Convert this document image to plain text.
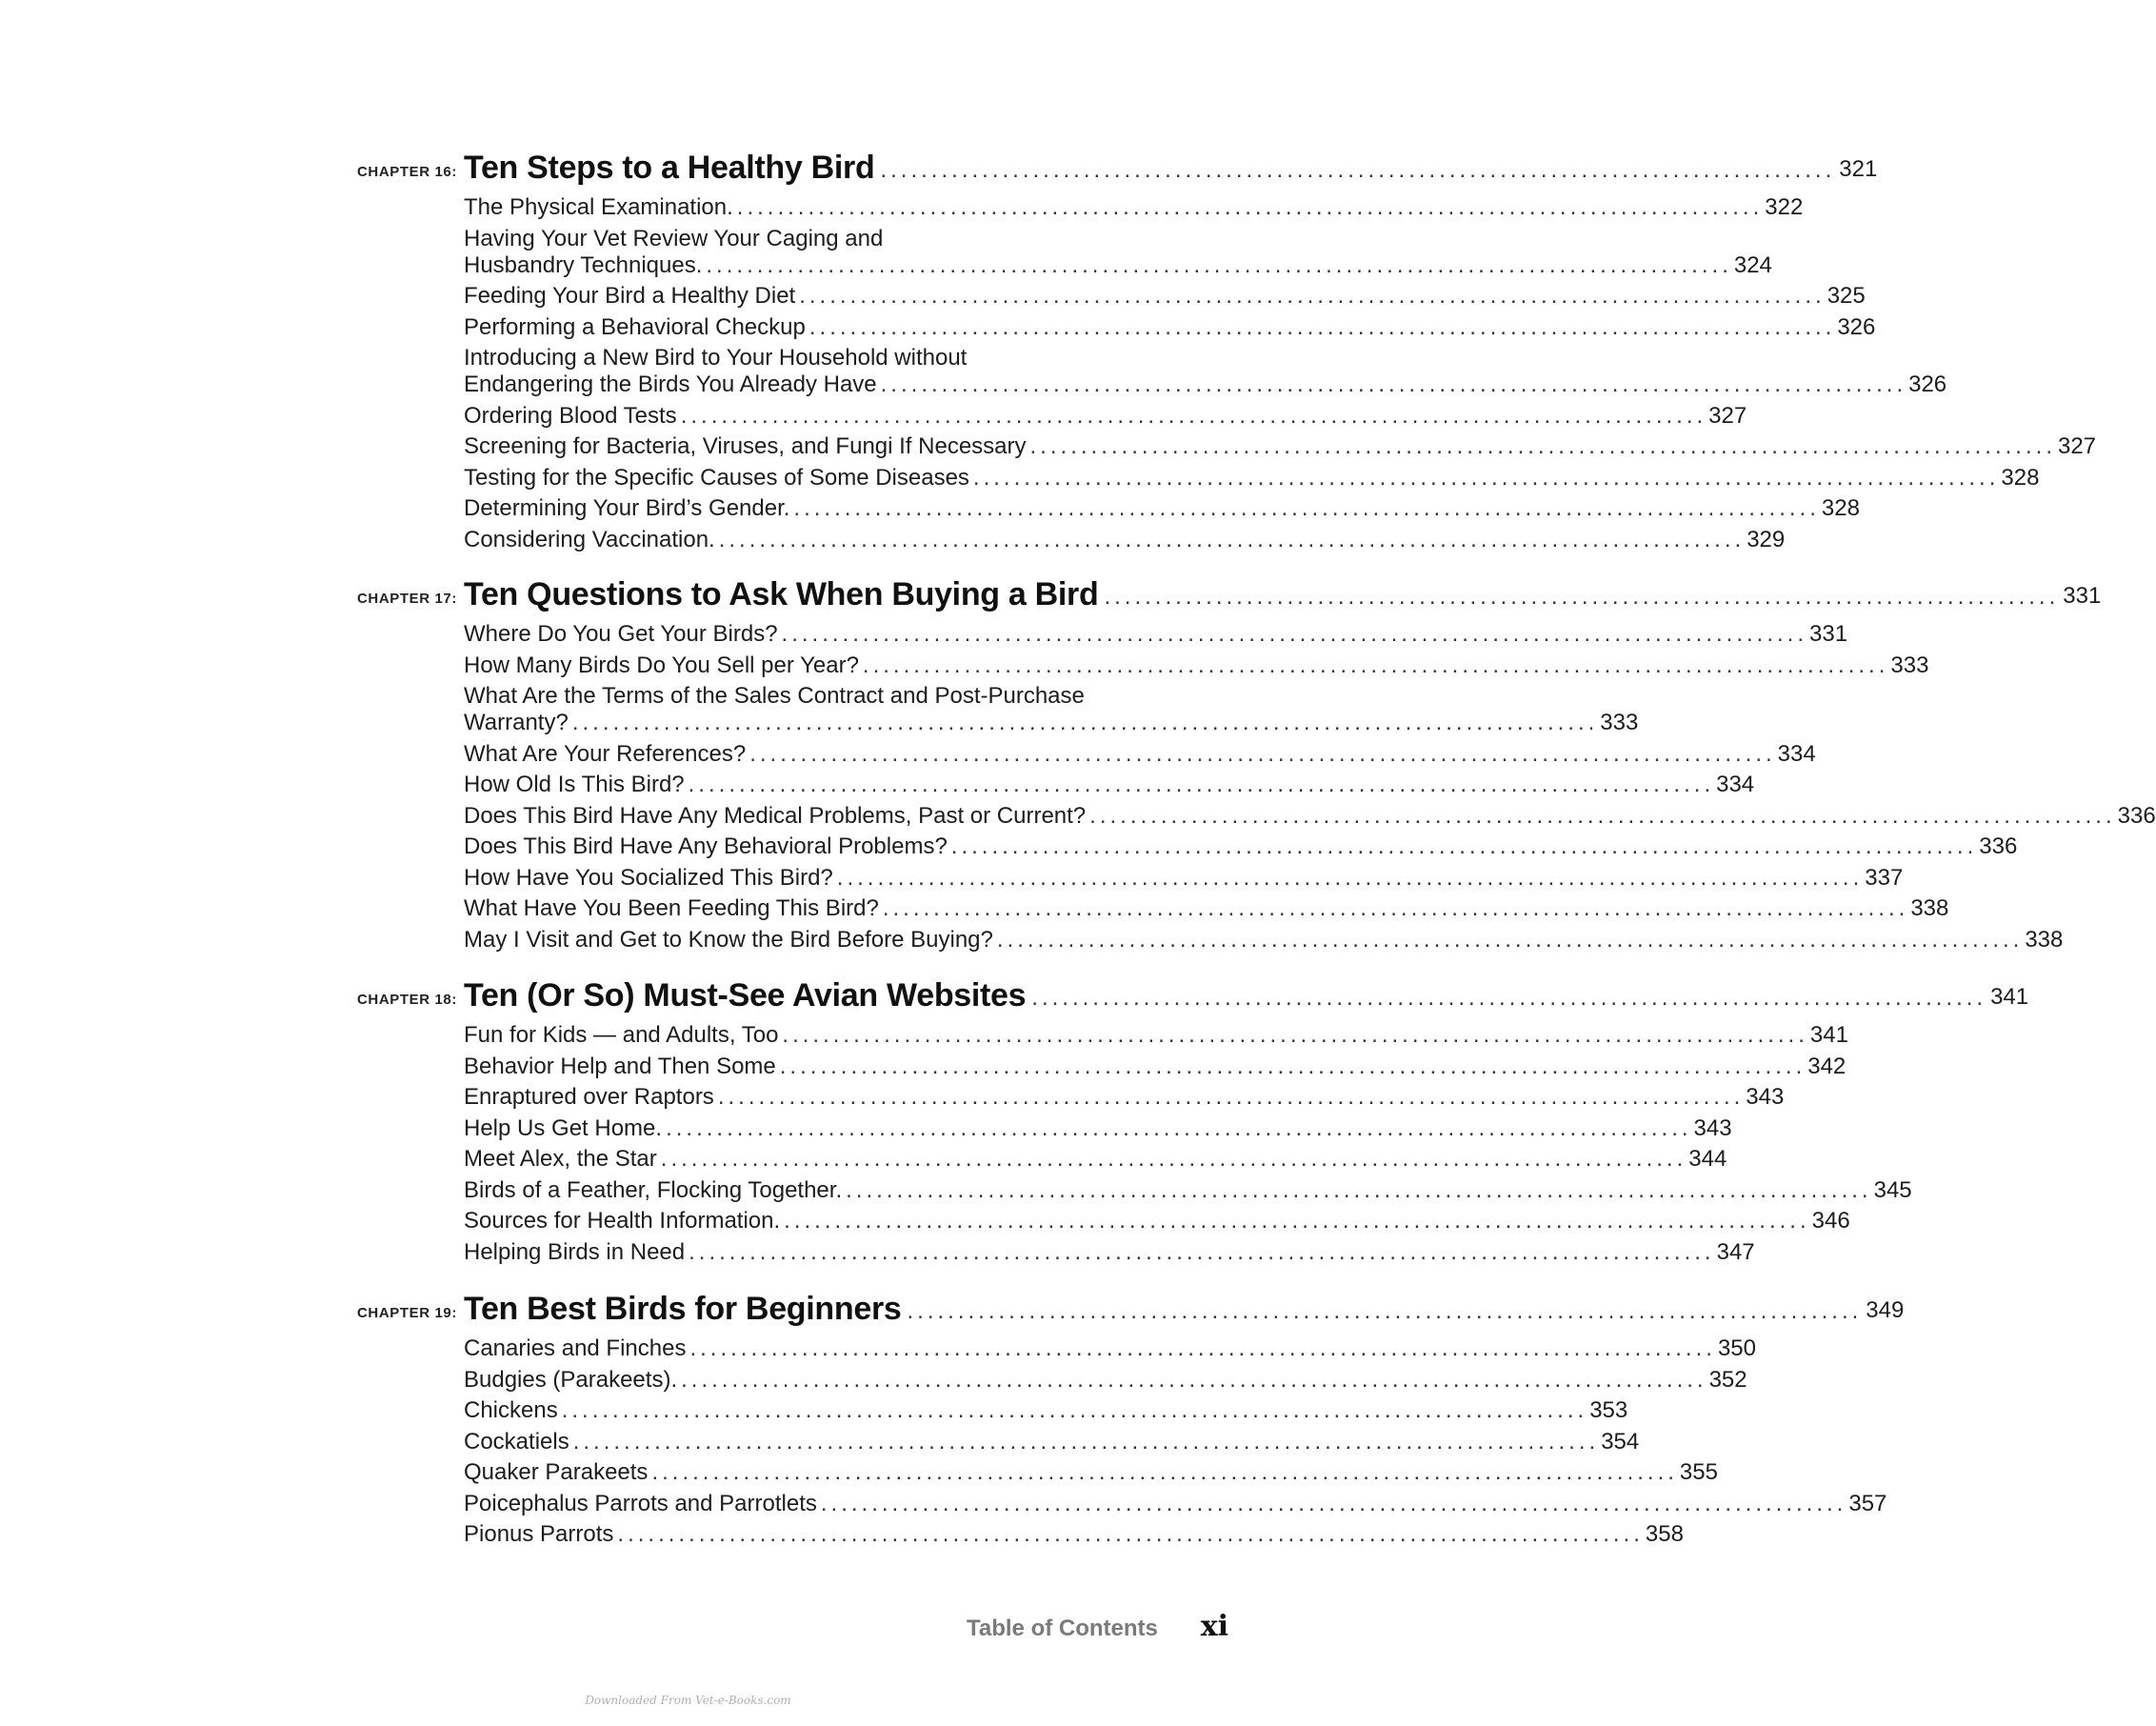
CHAPTER 16: Ten Steps to a Healthy Bird .............................................................................................. 321
The Physical Examination. ..................................................................................................... 322
Having Your Vet Review Your Caging and
Husbandry Techniques. ..................................................................................................... 324
Feeding Your Bird a Healthy Diet ..................................................................................................... 325
Performing a Behavioral Checkup ..................................................................................................... 326
Introducing a New Bird to Your Household without
Endangering the Birds You Already Have ..................................................................................................... 326
Ordering Blood Tests ..................................................................................................... 327
Screening for Bacteria, Viruses, and Fungi If Necessary ..................................................................................................... 327
Testing for the Specific Causes of Some Diseases ..................................................................................................... 328
Determining Your Bird’s Gender. ..................................................................................................... 328
Considering Vaccination. ..................................................................................................... 329
CHAPTER 17: Ten Questions to Ask When Buying a Bird .............................................................................................. 331
Where Do You Get Your Birds? ..................................................................................................... 331
How Many Birds Do You Sell per Year? ..................................................................................................... 333
What Are the Terms of the Sales Contract and Post-Purchase
Warranty? ..................................................................................................... 333
What Are Your References? ..................................................................................................... 334
How Old Is This Bird? ..................................................................................................... 334
Does This Bird Have Any Medical Problems, Past or Current? ..................................................................................................... 336
Does This Bird Have Any Behavioral Problems? ..................................................................................................... 336
How Have You Socialized This Bird? ..................................................................................................... 337
What Have You Been Feeding This Bird? ..................................................................................................... 338
May I Visit and Get to Know the Bird Before Buying? ..................................................................................................... 338
CHAPTER 18: Ten (Or So) Must-See Avian Websites .............................................................................................. 341
Fun for Kids — and Adults, Too ..................................................................................................... 341
Behavior Help and Then Some ..................................................................................................... 342
Enraptured over Raptors ..................................................................................................... 343
Help Us Get Home. ..................................................................................................... 343
Meet Alex, the Star ..................................................................................................... 344
Birds of a Feather, Flocking Together. ..................................................................................................... 345
Sources for Health Information. ..................................................................................................... 346
Helping Birds in Need ..................................................................................................... 347
CHAPTER 19: Ten Best Birds for Beginners .............................................................................................. 349
Canaries and Finches ..................................................................................................... 350
Budgies (Parakeets). ..................................................................................................... 352
Chickens ..................................................................................................... 353
Cockatiels ..................................................................................................... 354
Quaker Parakeets ..................................................................................................... 355
Poicephalus Parrots and Parrotlets ..................................................................................................... 357
Pionus Parrots ..................................................................................................... 358
Table of Contents xi
Downloaded From Vet-e-Books.com
